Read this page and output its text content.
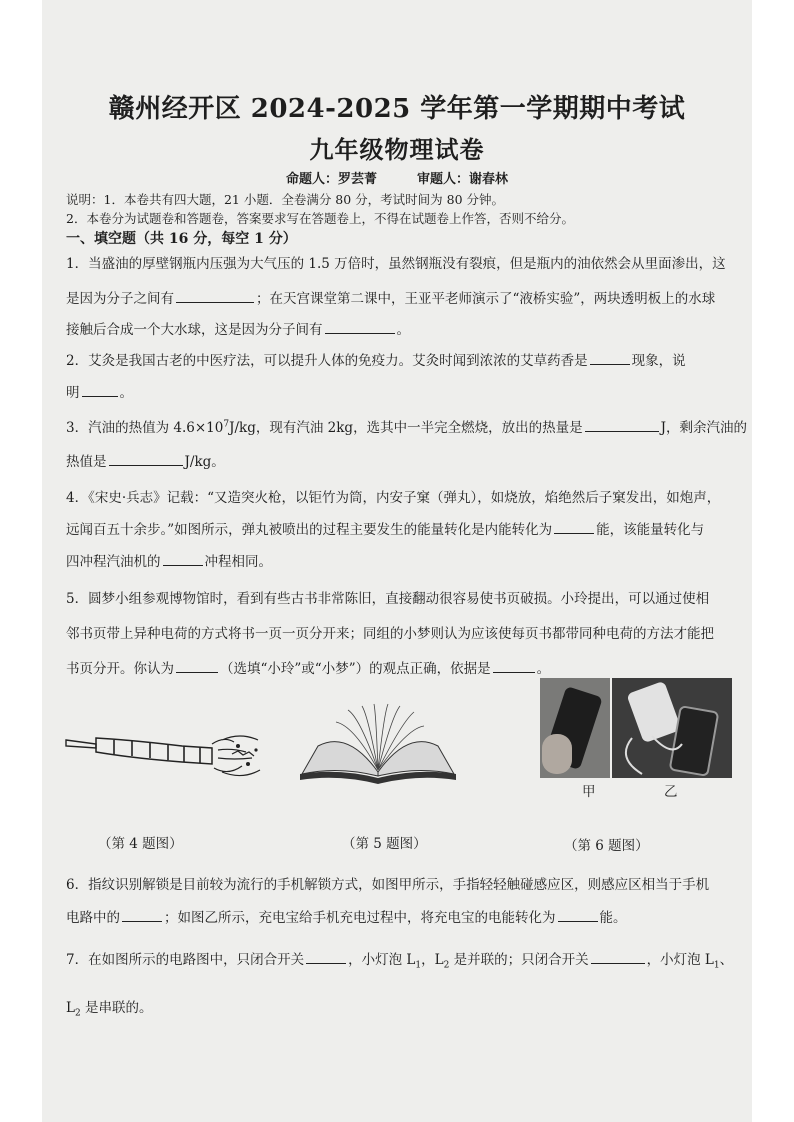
赣州经开区 2024-2025 学年第一学期期中考试
九年级物理试卷
命题人：罗芸菁	审题人：谢春林
说明：1．本卷共有四大题，21 小题．全卷满分 80 分，考试时间为 80 分钟。
2．本卷分为试题卷和答题卷，答案要求写在答题卷上，不得在试题卷上作答，否则不给分。
一、填空题（共 16 分，每空 1 分）
1．当盛油的厚壁钢瓶内压强为大气压的 1.5 万倍时，虽然钢瓶没有裂痕，但是瓶内的油依然会从里面渗出，这
是因为分子之间有	；在天宫课堂第二课中，王亚平老师演示了“液桥实验”，两块透明板上的水球
接触后合成一个大水球，这是因为分子间有	。
2．艾灸是我国古老的中医疗法，可以提升人体的免疫力。艾灸时闻到浓浓的艾草药香是	现象，说
明	。
3．汽油的热值为 $4.6\times 10^7J/kg$，现有汽油 2kg，选其中一半完全燃烧，放出的热量是	J，剩余汽油的
热值是	J/kg。
4．《宋史·兵志》记载：“又造突火枪，以钜竹为筒，内安子窠（弹丸），如烧放，焰绝然后子窠发出，如炮声，
远闻百五十余步。”如图所示，弹丸被喷出的过程主要发生的能量转化是内能转化为	能，该能量转化与
四冲程汽油机的	冲程相同。
5．圆梦小组参观博物馆时，看到有些古书非常陈旧，直接翻动很容易使书页破损。小玲提出，可以通过使相
邻书页带上异种电荷的方式将书一页一页分开来；同组的小梦则认为应该使每页书都带同种电荷的方法才能把
书页分开。你认为	（选填“小玲”或“小梦”）的观点正确，依据是	。
甲	乙
（第 4 题图）	（第 5 题图）	（第 6 题图）
6．指纹识别解锁是目前较为流行的手机解锁方式，如图甲所示，手指轻轻触碰感应区，则感应区相当于手机
电路中的	；如图乙所示，充电宝给手机充电过程中，将充电宝的电能转化为	能。
7．在如图所示的电路图中，只闭合开关	，小灯泡 $L_1$，$L_2$ 是并联的；只闭合开关	，小灯泡 $L_1$、
$L_2$ 是串联的。
